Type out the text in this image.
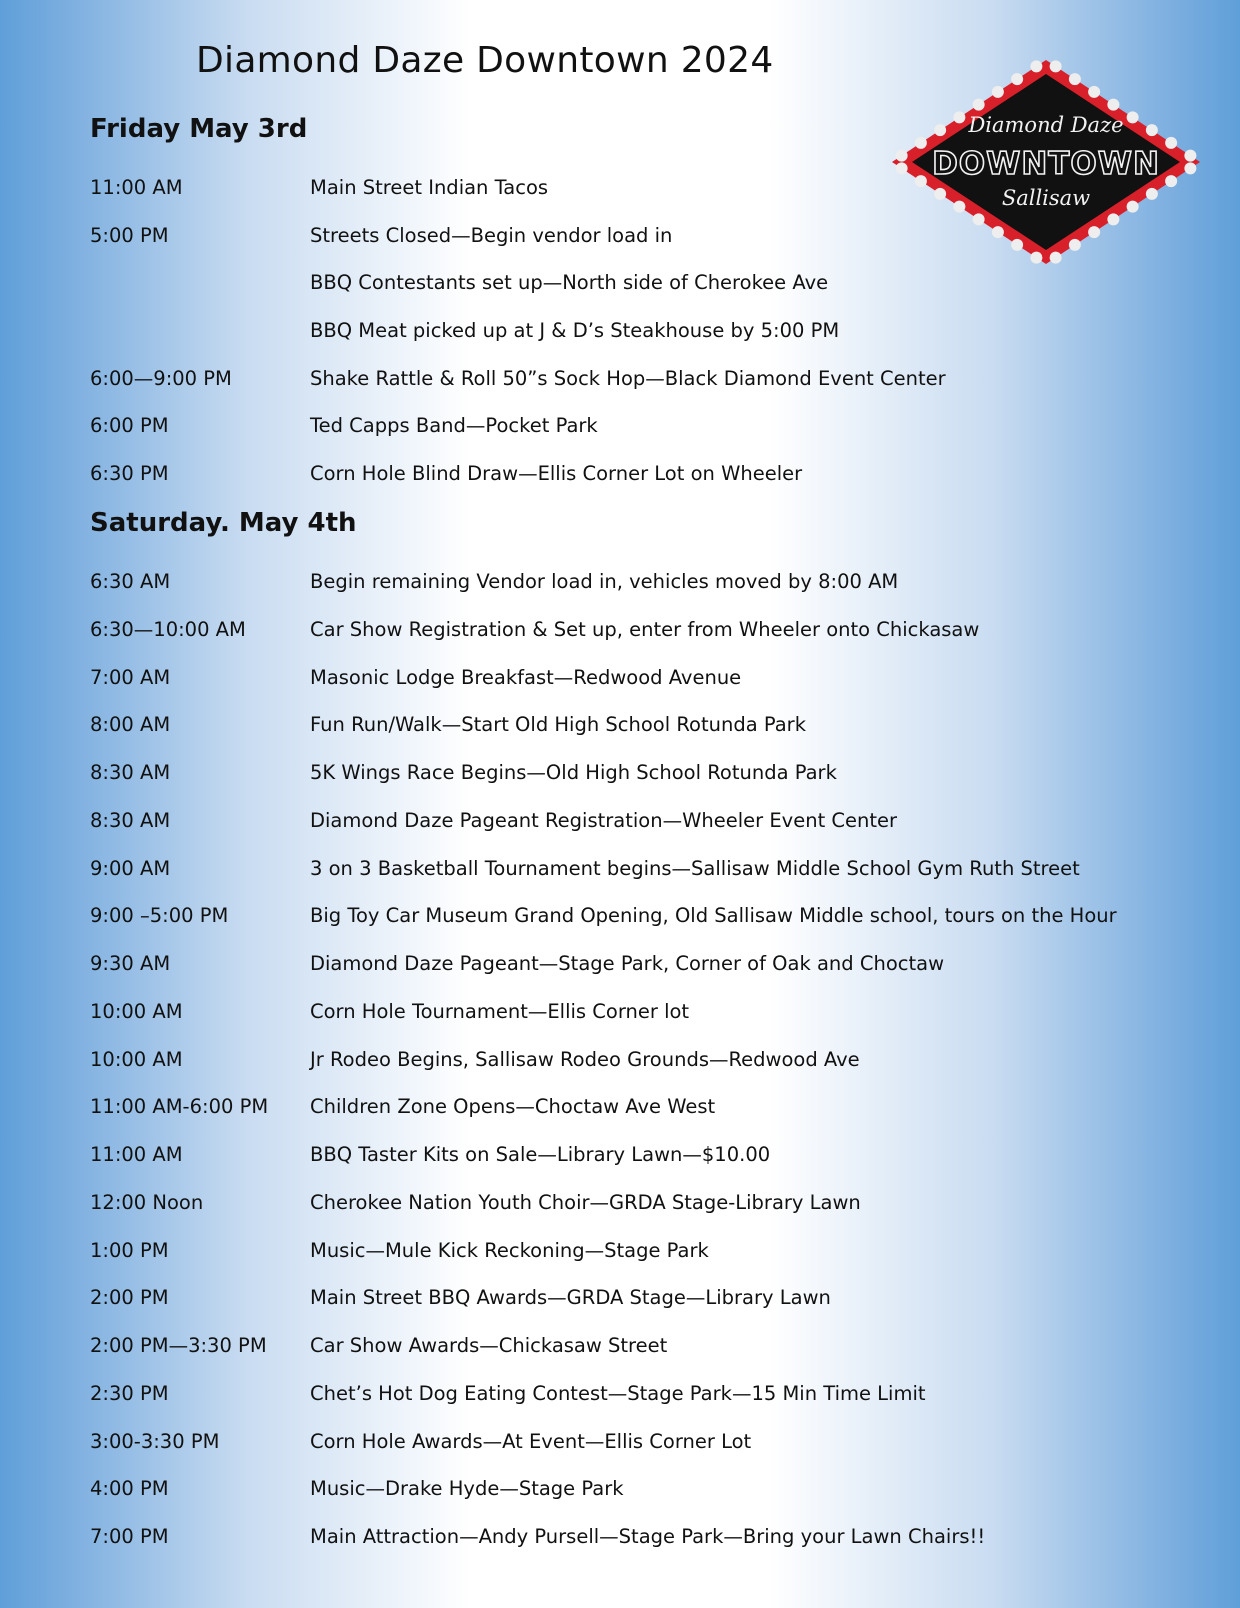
Diamond Daze Downtown 2024
Diamond Daze
DOWNTOWN
Sallisaw
Friday May 3rd
11:00 AM	Main Street Indian Tacos
5:00 PM	Streets Closed—Begin vendor load in
BBQ Contestants set up—North side of Cherokee Ave
BBQ Meat picked up at J & D’s Steakhouse by 5:00 PM
6:00—9:00 PM	Shake Rattle & Roll 50”s Sock Hop—Black Diamond Event Center
6:00 PM	Ted Capps Band—Pocket Park
6:30 PM	Corn Hole Blind Draw—Ellis Corner Lot on Wheeler
Saturday. May 4th
6:30 AM	Begin remaining Vendor load in, vehicles moved by 8:00 AM
6:30—10:00 AM	Car Show Registration & Set up, enter from Wheeler onto Chickasaw
7:00 AM	Masonic Lodge Breakfast—Redwood Avenue
8:00 AM	Fun Run/Walk—Start Old High School Rotunda Park
8:30 AM	5K Wings Race Begins—Old High School Rotunda Park
8:30 AM	Diamond Daze Pageant Registration—Wheeler Event Center
9:00 AM	3 on 3 Basketball Tournament begins—Sallisaw Middle School Gym Ruth Street
9:00 –5:00 PM	Big Toy Car Museum Grand Opening, Old Sallisaw Middle school, tours on the Hour
9:30 AM	Diamond Daze Pageant—Stage Park, Corner of Oak and Choctaw
10:00 AM	Corn Hole Tournament—Ellis Corner lot
10:00 AM	Jr Rodeo Begins, Sallisaw Rodeo Grounds—Redwood Ave
11:00 AM-6:00 PM Children Zone Opens—Choctaw Ave West
11:00 AM	BBQ Taster Kits on Sale—Library Lawn—$10.00
12:00 Noon	Cherokee Nation Youth Choir—GRDA Stage-Library Lawn
1:00 PM	Music—Mule Kick Reckoning—Stage Park
2:00 PM	Main Street BBQ Awards—GRDA Stage—Library Lawn
2:00 PM—3:30 PM Car Show Awards—Chickasaw Street
2:30 PM	Chet’s Hot Dog Eating Contest—Stage Park—15 Min Time Limit
3:00-3:30 PM	Corn Hole Awards—At Event—Ellis Corner Lot
4:00 PM	Music—Drake Hyde—Stage Park
7:00 PM	Main Attraction—Andy Pursell—Stage Park—Bring your Lawn Chairs!!
